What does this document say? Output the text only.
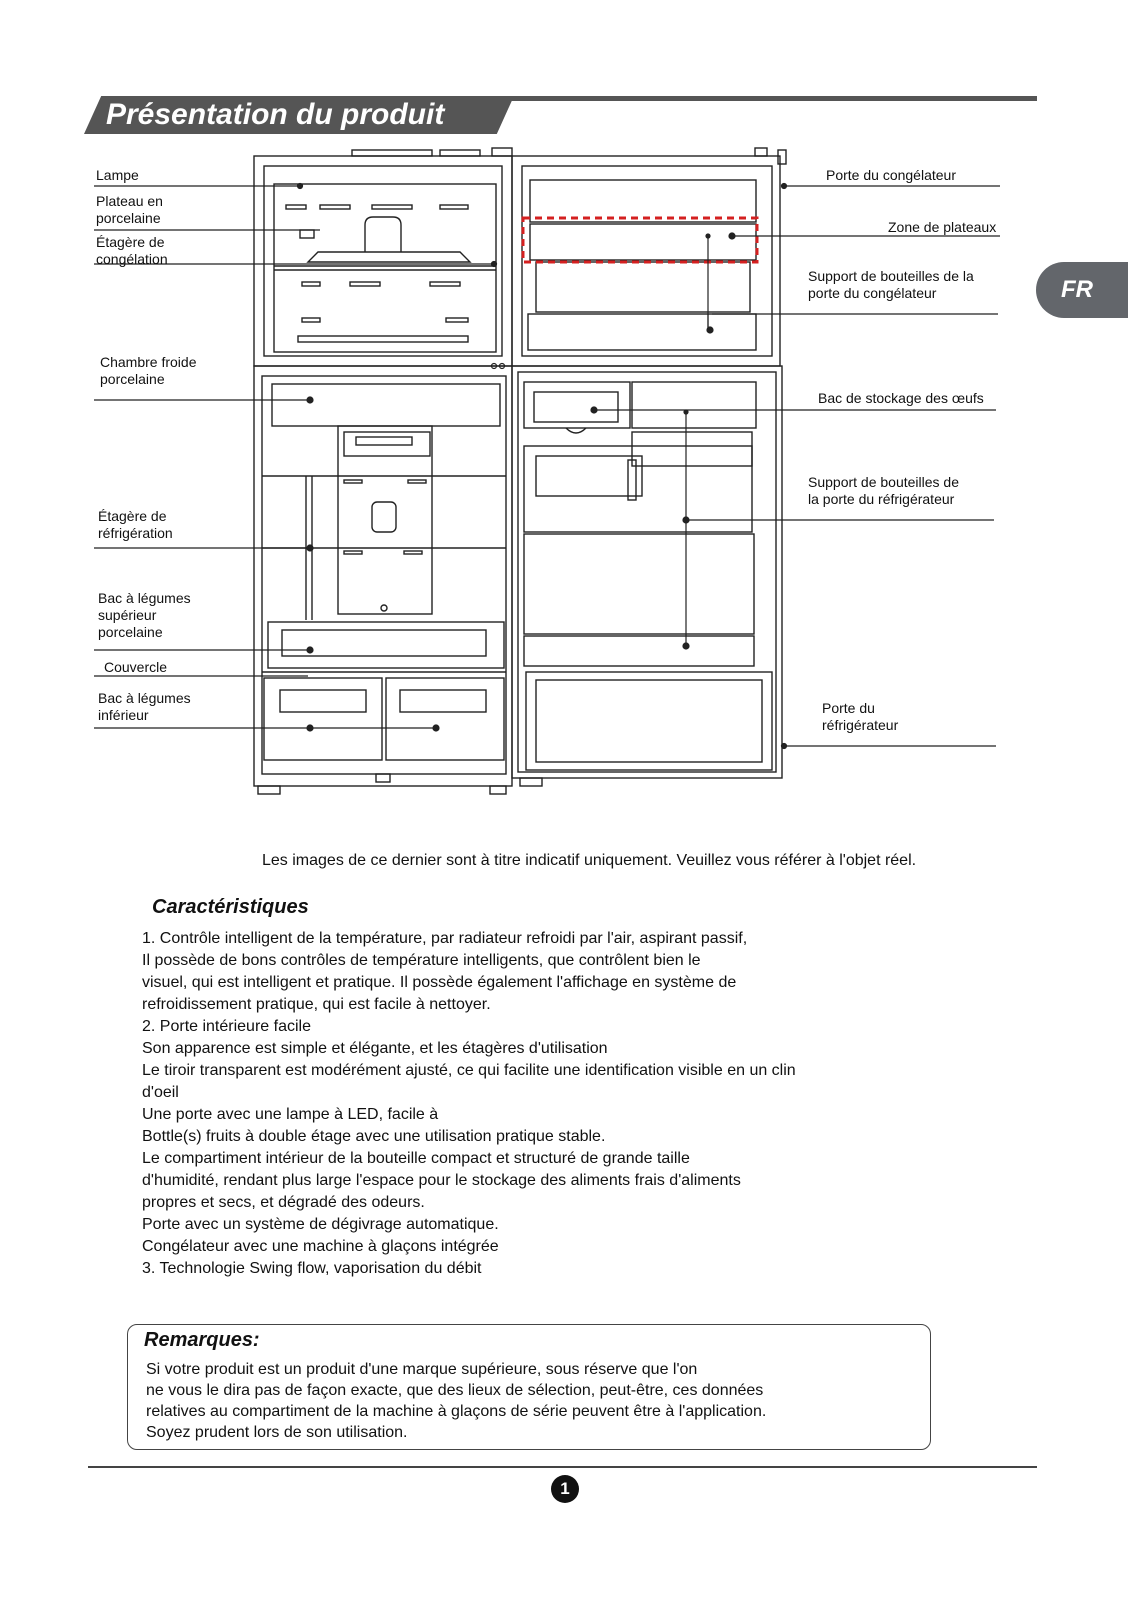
Présentation du produit
FR
Lampe
Plateau en
porcelaine
Étagère de
congélation
Chambre froide
porcelaine
Étagère de
réfrigération
Bac à légumes
supérieur
porcelaine
Couvercle
Bac à légumes
inférieur
Porte du congélateur
Zone de plateaux
Support de bouteilles de la
porte du congélateur
Bac de stockage des œufs
Support de bouteilles de
la porte du réfrigérateur
Porte du
réfrigérateur
Les images de ce dernier sont à titre indicatif uniquement. Veuillez vous référer à l'objet réel.
Caractéristiques
1. Contrôle intelligent de la température, par radiateur refroidi par l'air, aspirant passif,
Il possède de bons contrôles de température intelligents, que contrôlent bien le
visuel, qui est intelligent et pratique. Il possède également l'affichage en système de
refroidissement pratique, qui est facile à nettoyer.
2. Porte intérieure facile
Son apparence est simple et élégante, et les étagères d'utilisation
Le tiroir transparent est modérément ajusté, ce qui facilite une identification visible en un clin
d'oeil
Une porte avec une lampe à LED, facile à
Bottle(s) fruits à double étage avec une utilisation pratique stable.
Le compartiment intérieur de la bouteille compact et structuré de grande taille
d'humidité, rendant plus large l'espace pour le stockage des aliments frais d'aliments
propres et secs, et dégradé des odeurs.
Porte avec un système de dégivrage automatique.
Congélateur avec une machine à glaçons intégrée
3. Technologie Swing flow, vaporisation du débit
Remarques:
Si votre produit est un produit d'une marque supérieure, sous réserve que l'on
ne vous le dira pas de façon exacte, que des lieux de sélection, peut-être, ces données
relatives au compartiment de la machine à glaçons de série peuvent être à l'application.
Soyez prudent lors de son utilisation.
1
